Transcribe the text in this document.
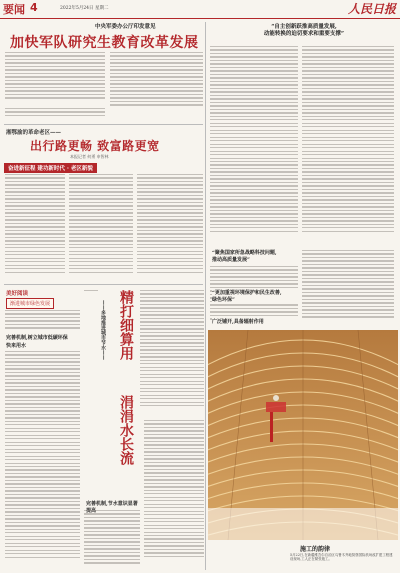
要闻 4	2022年5月24日 星期二	人民日报
中央军委办公厅印发意见
加快军队研究生教育改革发展
湘鄂渝的革命老区——
出行路更畅 致富路更宽
本报记者 何勇 申智林
奋进新征程 建功新时代 · 老区新貌
美好阅读
渐进城市绿色发展
完善机制,树立城市低碳环保
快来用水	精打细算用
——多地推进城市节水——
涓涓水长流
完善机制,节水意识显著
“自主创新跃推高质量发展,
动能转换的迫切要求和重要支撑”
“聚焦国家所急战略科技问题,
推动高质量发展”
“更加重视环境保护和民生改善,
绿色环保”
广泛铺开,具备辐射作用
施工的韵律
5月22日,在新疆维吾尔自治区乌鲁木齐地窝堡国际机场改扩建工程建设现场,工人正在紧张施工。
